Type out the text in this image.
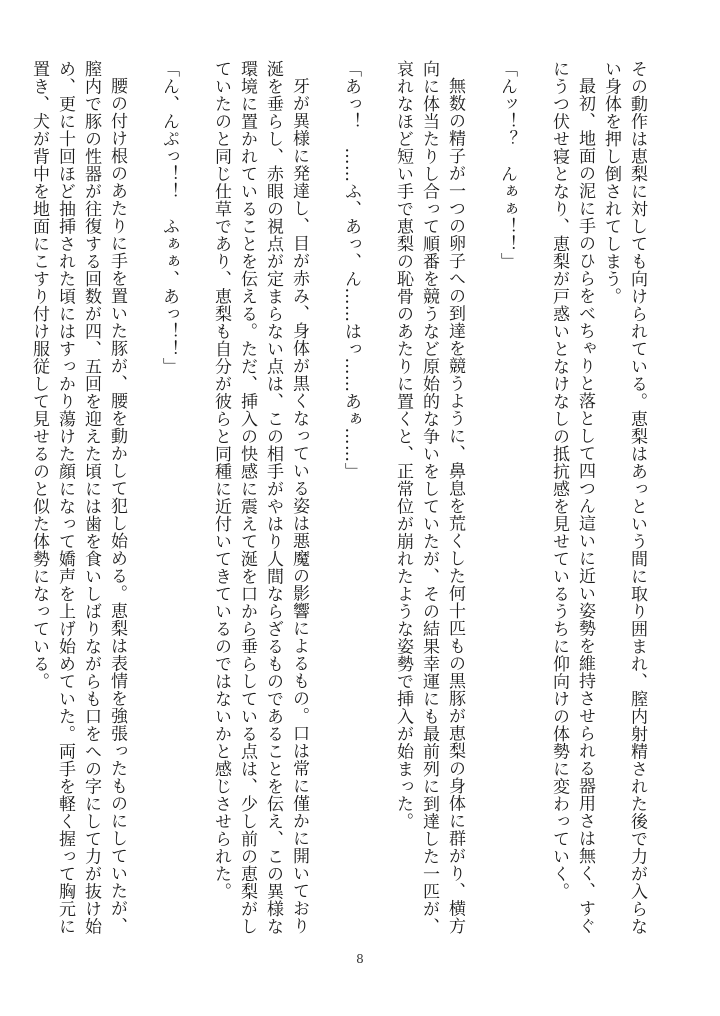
その動作は恵梨に対しても向けられている。恵梨はあっという間に取り囲まれ、膣内射精された後で力が入らない身体を押し倒されてしまう。

最初、地面の泥に手のひらをべちゃりと落として四つん這いに近い姿勢を維持させられる器用さは無く、すぐにうつ伏せ寝となり、恵梨が戸惑いとなけなしの抵抗感を見せているうちに仰向けの体勢に変わっていく。

「んッ！？　んぁぁ！！」

無数の精子が一つの卵子への到達を競うように、鼻息を荒くした何十匹もの黒豚が恵梨の身体に群がり、横方向に体当たりし合って順番を競うなど原始的な争いをしていたが、その結果幸運にも最前列に到達した一匹が、哀れなほど短い手で恵梨の恥骨のあたりに置くと、正常位が崩れたような姿勢で挿入が始まった。

「あっ！　……ふ、あっ、ん……はっ……あぁ……」

牙が異様に発達し、目が赤み、身体が黒くなっている姿は悪魔の影響によるもの。口は常に僅かに開いており涎を垂らし、赤眼の視点が定まらない点は、この相手がやはり人間ならざるものであることを伝え、この異様な環境に置かれていることを伝える。ただ、挿入の快感に震えて涎を口から垂らしている点は、少し前の恵梨がしていたのと同じ仕草であり、恵梨も自分が彼らと同種に近付いてきているのではないかと感じさせられた。

「ん、んぷっ！！　ふぁぁ、あっ！！」

腰の付け根のあたりに手を置いた豚が、腰を動かして犯し始める。恵梨は表情を強張ったものにしていたが、膣内で豚の性器が往復する回数が四、五回を迎えた頃には歯を食いしばりながらも口をへの字にして力が抜け始め、更に十回ほど抽挿された頃にはすっかり蕩けた顔になって嬌声を上げ始めていた。両手を軽く握って胸元に置き、犬が背中を地面にこすり付け服従して見せるのと似た体勢になっている。

8
